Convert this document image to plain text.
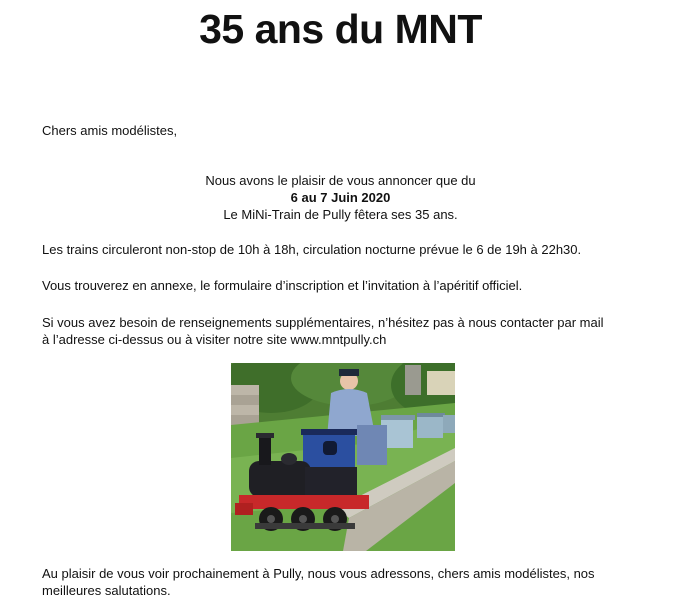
35 ans du MNT
Chers amis modélistes,
Nous avons le plaisir de vous annoncer que du
6 au 7 Juin 2020
Le MiNi-Train de Pully fêtera ses 35 ans.
Les trains circuleront non-stop de 10h à 18h, circulation nocturne prévue le 6 de 19h à 22h30.
Vous trouverez en annexe, le formulaire d’inscription et l’invitation à l’apéritif officiel.
Si vous avez besoin de renseignements supplémentaires, n’hésitez pas à nous contacter par mail
à l’adresse ci-dessus ou à visiter notre site www.mntpully.ch
Au plaisir de vous voir prochainement à Pully, nous vous adressons, chers amis modélistes, nos
meilleures salutations.
